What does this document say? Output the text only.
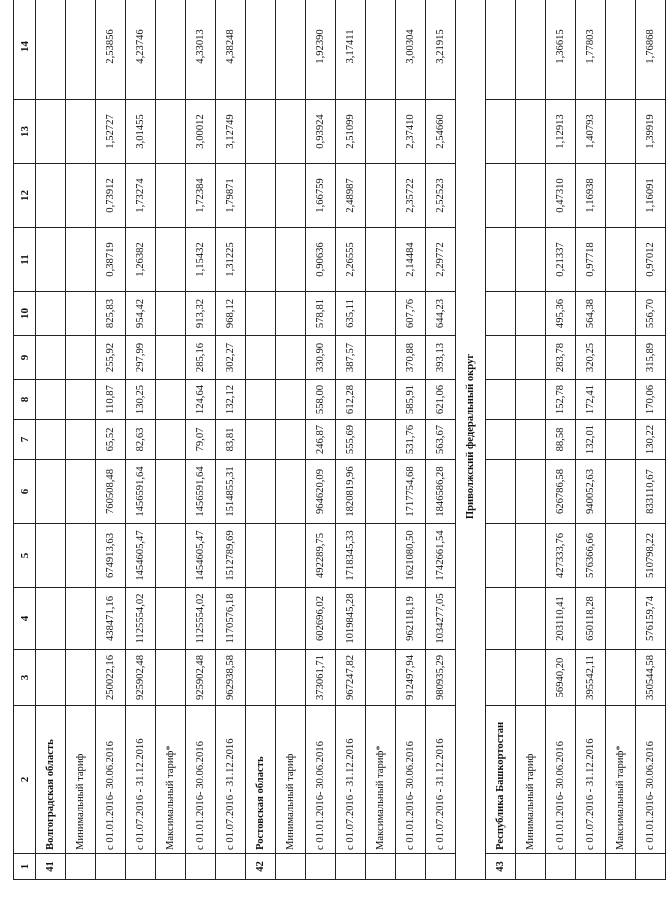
1	2	3	4	5	6	7	8	9	10	11	12	13	14
41	Волгоградская область												
	Минимальный тариф												
	с 01.01.2016- 30.06.2016	250022,16	438471,16	674913,63	760508,48	65,52	110,87	255,92	825,83	0,38719	0,73912	1,52727	2,53856
	с 01.07.2016 - 31.12.2016	925902,48	1125554,02	1454605,47	1456591,64	82,63	130,25	297,99	954,42	1,26382	1,73274	3,01455	4,23746
	Максимальный тариф*												
	с 01.01.2016- 30.06.2016	925902,48	1125554,02	1454605,47	1456591,64	79,07	124,64	285,16	913,32	1,15432	1,72384	3,00012	4,33013
	с 01.07.2016 - 31.12.2016	962938,58	1170576,18	1512789,69	1514855,31	83,81	132,12	302,27	968,12	1,31225	1,79871	3,12749	4,38248
42	Ростовская область												
	Минимальный тариф												
	с 01.01.2016- 30.06.2016	373061,71	602696,02	492289,75	964620,09	246,87	558,00	330,90	578,81	0,90636	1,66759	0,93924	1,92390
	с 01.07.2016 - 31.12.2016	967247,82	1019845,28	1718345,33	1820819,96	555,69	612,28	387,57	635,11	2,26555	2,48987	2,51099	3,17411
	Максимальный тариф*												
	с 01.01.2016- 30.06.2016	912497,94	962118,19	1621080,50	1717754,68	531,76	585,91	370,88	607,76	2,14484	2,35722	2,37410	3,00304
	с 01.07.2016 - 31.12.2016	980935,29	1034277,05	1742661,54	1846586,28	563,67	621,06	393,13	644,23	2,29772	2,52523	2,54660	3,21915
Приволжский федеральный округ													
43	Республика Башкортостан												
	Минимальный тариф												
	с 01.01.2016- 30.06.2016	56940,20	203110,41	427333,76	626786,58	88,58	152,78	283,78	495,36	0,21337	0,47310	1,12913	1,36615
	с 01.07.2016 - 31.12.2016	395542,11	650118,28	576366,66	940052,63	132,01	172,41	320,25	564,38	0,97718	1,16938	1,40793	1,77803
	Максимальный тариф*												
	с 01.01.2016- 30.06.2016	350544,58	576159,74	510798,22	833110,67	130,22	170,06	315,89	556,70	0,97012	1,16091	1,39919	1,76868
